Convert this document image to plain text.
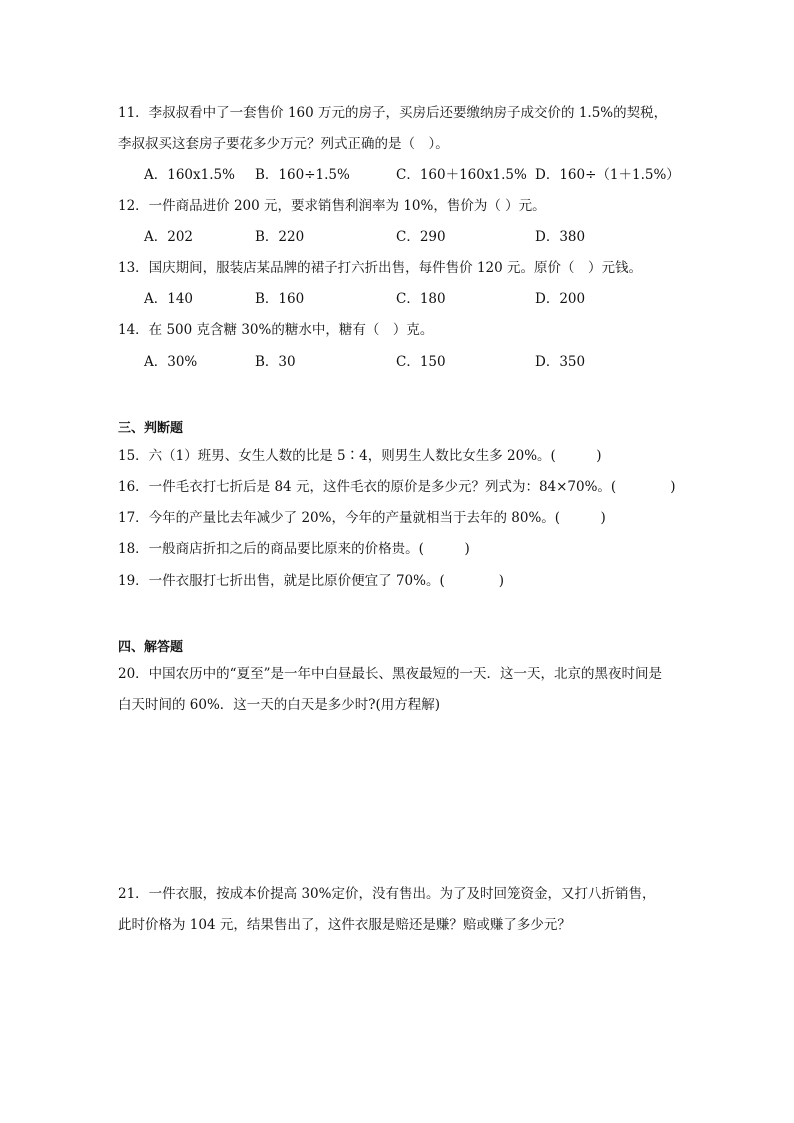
11．李叔叔看中了一套售价 160 万元的房子，买房后还要缴纳房子成交价的 1.5%的契税，
李叔叔买这套房子要花多少万元？列式正确的是（　）。
A．160x1.5% B．160÷1.5%	C．160＋160x1.5% D．160÷（1＋1.5%）
12．一件商品进价 200 元，要求销售利润率为 10%，售价为（ ）元。
A．202	B．220	C．290	D．380
13．国庆期间，服装店某品牌的裙子打六折出售，每件售价 120 元。原价（　）元钱。
A．140	B．160	C．180	D．200
14．在 500 克含糖 30%的糖水中，糖有（　）克。
A．30%	B．30	C．150	D．350
三、判断题
15．六（1）班男、女生人数的比是 5∶4，则男生人数比女生多 20%。(　　　)
16．一件毛衣打七折后是 84 元，这件毛衣的原价是多少元？列式为：84×70%。(　　　　)
17．今年的产量比去年减少了 20%，今年的产量就相当于去年的 80%。(　　　)
18．一般商店折扣之后的商品要比原来的价格贵。(　　　)
19．一件衣服打七折出售，就是比原价便宜了 70%。(　　　　)
四、解答题
20．中国农历中的“夏至”是一年中白昼最长、黑夜最短的一天．这一天，北京的黑夜时间是
白天时间的 60%．这一天的白天是多少时?(用方程解)
21．一件衣服，按成本价提高 30%定价，没有售出。为了及时回笼资金，又打八折销售，
此时价格为 104 元，结果售出了，这件衣服是赔还是赚？赔或赚了多少元？
